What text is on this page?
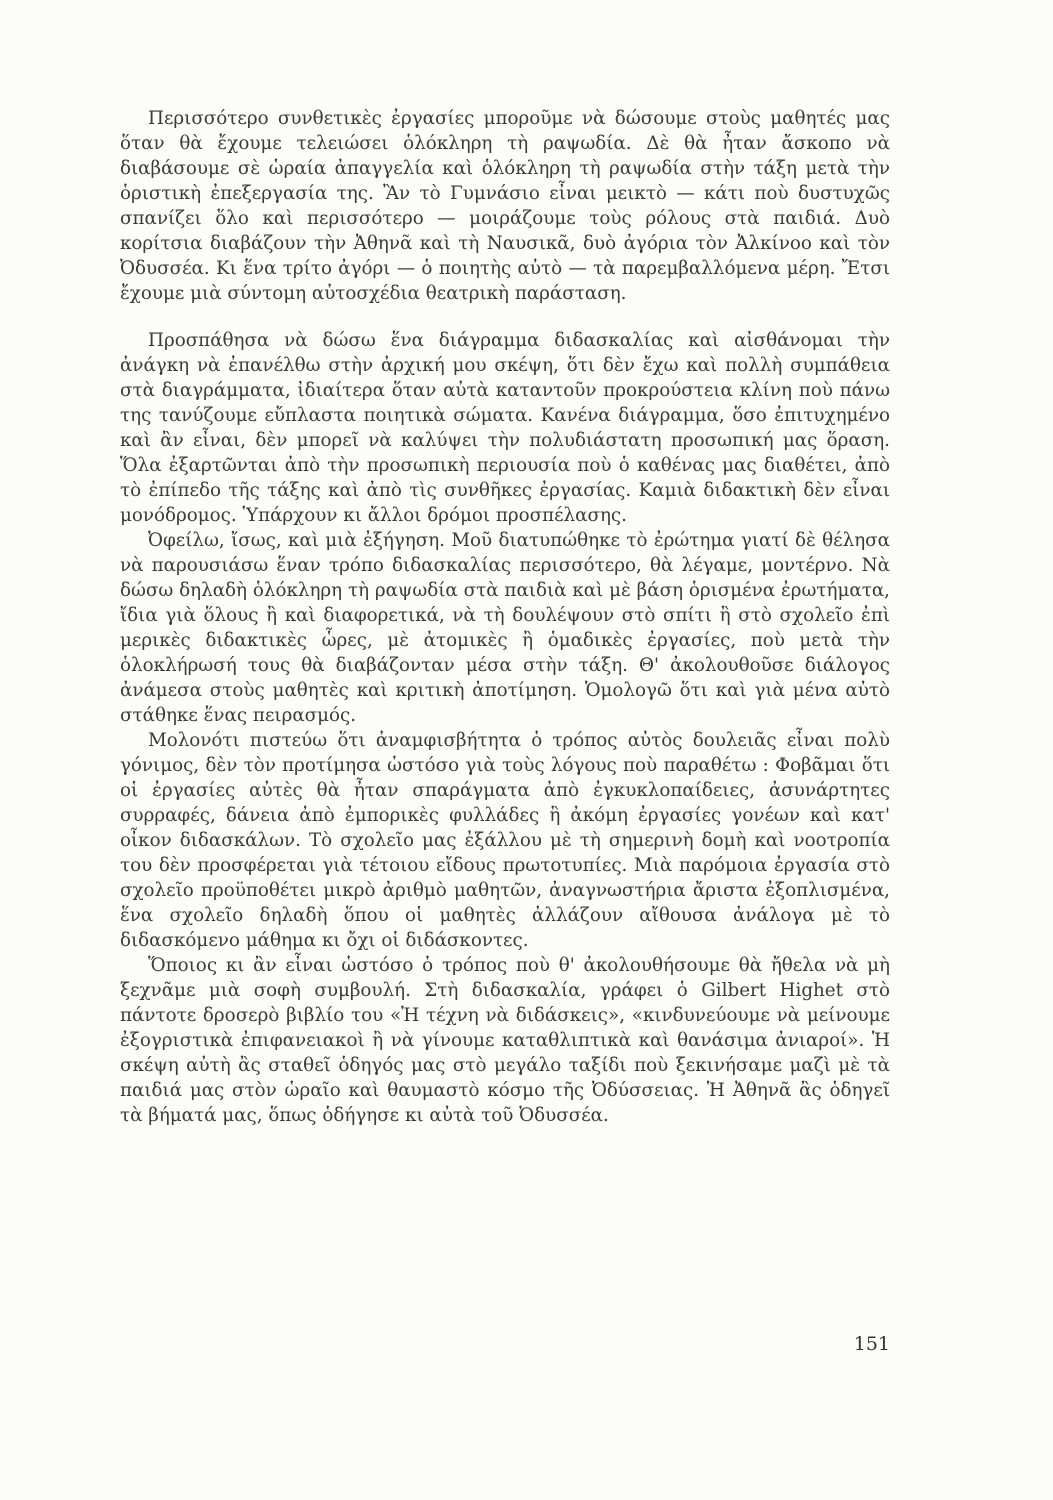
Περισσότερο συνθετικὲς ἐργασίες μποροῦμε νὰ δώσουμε στοὺς μαθητές μας ὅταν θὰ ἔχουμε τελειώσει ὁλόκληρη τὴ ραψωδία. Δὲ θὰ ἦταν ἄσκοπο νὰ διαβάσουμε σὲ ὡραία ἀπαγγελία καὶ ὁλόκληρη τὴ ραψωδία στὴν τάξη μετὰ τὴν ὁριστικὴ ἐπεξεργασία της. Ἂν τὸ Γυμνάσιο εἶναι μεικτὸ — κάτι ποὺ δυστυχῶς σπανίζει ὅλο καὶ περισσότερο — μοιράζουμε τοὺς ρόλους στὰ παιδιά. Δυὸ κορίτσια διαβάζουν τὴν Ἀθηνᾶ καὶ τὴ Ναυσικᾶ, δυὸ ἀγόρια τὸν Ἀλκίνοο καὶ τὸν Ὀδυσσέα. Κι ἕνα τρίτο ἀγόρι — ὁ ποιητὴς αὐτὸ — τὰ παρεμβαλλόμενα μέρη. Ἔτσι ἔχουμε μιὰ σύντομη αὐτοσχέδια θεατρικὴ παράσταση.

Προσπάθησα νὰ δώσω ἕνα διάγραμμα διδασκαλίας καὶ αἰσθάνομαι τὴν ἀνάγκη νὰ ἐπανέλθω στὴν ἀρχική μου σκέψη, ὅτι δὲν ἔχω καὶ πολλὴ συμπάθεια στὰ διαγράμματα, ἰδιαίτερα ὅταν αὐτὰ καταντοῦν προκρούστεια κλίνη ποὺ πάνω της τανύζουμε εὔπλαστα ποιητικὰ σώματα. Κανένα διάγραμμα, ὅσο ἐπιτυχημένο καὶ ἂν εἶναι, δὲν μπορεῖ νὰ καλύψει τὴν πολυδιάστατη προσωπική μας ὅραση. Ὅλα ἐξαρτῶνται ἀπὸ τὴν προσωπικὴ περιουσία ποὺ ὁ καθένας μας διαθέτει, ἀπὸ τὸ ἐπίπεδο τῆς τάξης καὶ ἀπὸ τὶς συνθῆκες ἐργασίας. Καμιὰ διδακτικὴ δὲν εἶναι μονόδρομος. Ὑπάρχουν κι ἄλλοι δρόμοι προσπέλασης.

Ὀφείλω, ἴσως, καὶ μιὰ ἐξήγηση. Μοῦ διατυπώθηκε τὸ ἐρώτημα γιατί δὲ θέλησα νὰ παρουσιάσω ἕναν τρόπο διδασκαλίας περισσότερο, θὰ λέγαμε, μοντέρνο. Νὰ δώσω δηλαδὴ ὁλόκληρη τὴ ραψωδία στὰ παιδιὰ καὶ μὲ βάση ὁρισμένα ἐρωτήματα, ἴδια γιὰ ὅλους ἢ καὶ διαφορετικά, νὰ τὴ δουλέψουν στὸ σπίτι ἢ στὸ σχολεῖο ἐπὶ μερικὲς διδακτικὲς ὧρες, μὲ ἀτομικὲς ἢ ὁμαδικὲς ἐργασίες, ποὺ μετὰ τὴν ὁλοκλήρωσή τους θὰ διαβάζονταν μέσα στὴν τάξη. Θ' ἀκολουθοῦσε διάλογος ἀνάμεσα στοὺς μαθητὲς καὶ κριτικὴ ἀποτίμηση. Ὁμολογῶ ὅτι καὶ γιὰ μένα αὐτὸ στάθηκε ἕνας πειρασμός.

Μολονότι πιστεύω ὅτι ἀναμφισβήτητα ὁ τρόπος αὐτὸς δουλειᾶς εἶναι πολὺ γόνιμος, δὲν τὸν προτίμησα ὡστόσο γιὰ τοὺς λόγους ποὺ παραθέτω : Φοβᾶμαι ὅτι οἱ ἐργασίες αὐτὲς θὰ ἦταν σπαράγματα ἀπὸ ἐγκυκλοπαίδειες, ἀσυνάρτητες συρραφές, δάνεια ἀπὸ ἐμπορικὲς φυλλάδες ἢ ἀκόμη ἐργασίες γονέων καὶ κατ' οἶκον διδασκάλων. Τὸ σχολεῖο μας ἐξάλλου μὲ τὴ σημερινὴ δομὴ καὶ νοοτροπία του δὲν προσφέρεται γιὰ τέτοιου εἴδους πρωτοτυπίες. Μιὰ παρόμοια ἐργασία στὸ σχολεῖο προϋποθέτει μικρὸ ἀριθμὸ μαθητῶν, ἀναγνωστήρια ἄριστα ἐξοπλισμένα, ἕνα σχολεῖο δηλαδὴ ὅπου οἱ μαθητὲς ἀλλάζουν αἴθουσα ἀνάλογα μὲ τὸ διδασκόμενο μάθημα κι ὄχι οἱ διδάσκοντες.

Ὅποιος κι ἂν εἶναι ὡστόσο ὁ τρόπος ποὺ θ' ἀκολουθήσουμε θὰ ἤθελα νὰ μὴ ξεχνᾶμε μιὰ σοφὴ συμβουλή. Στὴ διδασκαλία, γράφει ὁ Gilbert Highet στὸ πάντοτε δροσερὸ βιβλίο του «Ἡ τέχνη νὰ διδάσκεις», «κινδυνεύουμε νὰ μείνουμε ἐξογριστικὰ ἐπιφανειακοὶ ἢ νὰ γίνουμε καταθλιπτικὰ καὶ θανάσιμα ἀνιαροί». Ἡ σκέψη αὐτὴ ἂς σταθεῖ ὁδηγός μας στὸ μεγάλο ταξίδι ποὺ ξεκινήσαμε μαζὶ μὲ τὰ παιδιά μας στὸν ὡραῖο καὶ θαυμαστὸ κόσμο τῆς Ὀδύσσειας. Ἡ Ἀθηνᾶ ἂς ὁδηγεῖ τὰ βήματά μας, ὅπως ὁδήγησε κι αὐτὰ τοῦ Ὀδυσσέα.

151
